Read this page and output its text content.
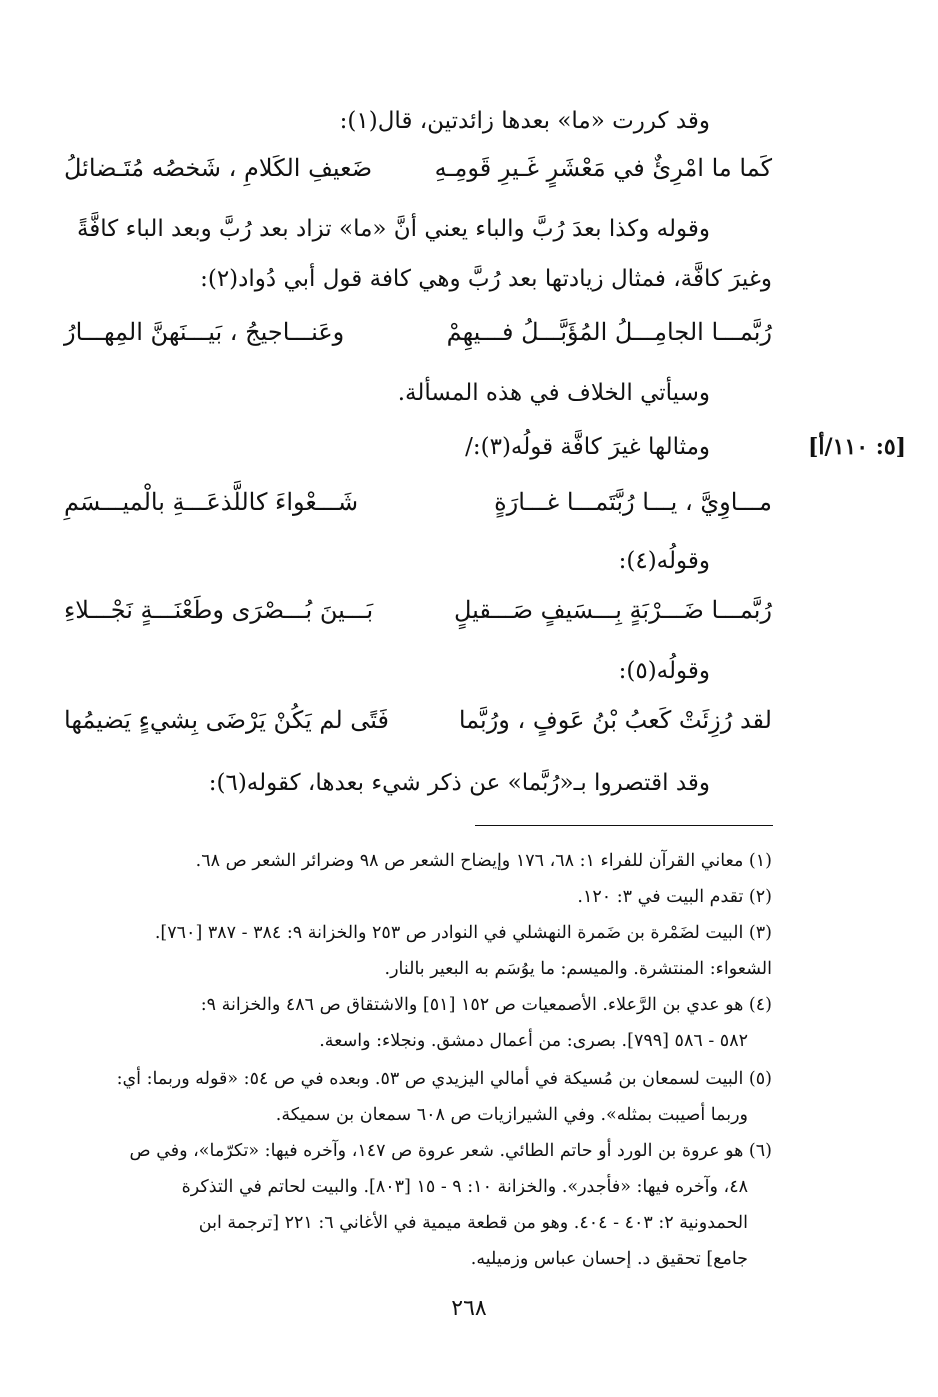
وقد كررت «ما» بعدها زائدتين، قال(١):

كَما ما امْرِئٌ في مَعْشَرٍ غَـيرِ قَومِـهِ
ضَعيفِ الكَلامِ ، شَخصُه مُتَـضائلُ

وقوله وكذا بعدَ رُبَّ والباء يعني أنَّ «ما» تزاد بعد رُبَّ وبعد الباء كافَّةً

وغيرَ كافَّة، فمثال زيادتها بعد رُبَّ وهي كافة قول أبي دُواد(٢):

رُبَّمـــا الجامِـــلُ المُؤَبَّـــلُ فـــيهِمْ
وعَنـــاجيجُ ، بَيـــنَهنَّ المِهـــارُ

وسيأتي الخلاف في هذه المسألة.

ومثالها غيرَ كافَّة قولُه(٣):/	[٥: ١١٠/أ]
مـــاوِيَّ ، يـــا رُبَّتَمـــا غـــارَةٍ
شَـــعْواءَ كاللَّذعَـــةِ بالْميـــسَمِ

وقولُه(٤):

رُبَّمـــا ضَـــرْبَةٍ بِـــسَيفٍ صَـــقيلٍ
بَـــينَ بُـــصْرَى وطَعْنَـــةٍ نَجْـــلاءِ

وقولُه(٥):

لقد رُزِئَتْ كَعبُ بْنُ عَوفٍ ، ورُبَّما
فَتًى لم يَكُنْ يَرْضَى بِشيءٍ يَضيمُها

وقد اقتصروا بـ«رُبَّما» عن ذكر شيء بعدها، كقوله(٦):

(١) معاني القرآن للفراء ١: ٦٨، ١٧٦ وإيضاح الشعر ص ٩٨ وضرائر الشعر ص ٦٨.
(٢) تقدم البيت في ٣: ١٢٠.
(٣) البيت لضَمْرة بن ضَمرة النهشلي في النوادر ص ٢٥٣ والخزانة ٩: ٣٨٤ - ٣٨٧ [٧٦٠].
الشعواء: المنتشرة. والميسم: ما يوُسَم به البعير بالنار.
(٤) هو عدي بن الرَّعلاء. الأصمعيات ص ١٥٢ [٥١] والاشتقاق ص ٤٨٦ والخزانة ٩:
٥٨٢ - ٥٨٦ [٧٩٩]. بصرى: من أعمال دمشق. ونجلاء: واسعة.
(٥) البيت لسمعان بن مُسيكة في أمالي اليزيدي ص ٥٣. وبعده في ص ٥٤: «قوله وربما: أي:
وربما أصيبت بمثله». وفي الشيرازيات ص ٦٠٨ سمعان بن سميكة.
(٦) هو عروة بن الورد أو حاتم الطائي. شعر عروة ص ١٤٧، وآخره فيها: «تكرّما»، وفي ص
٤٨، وآخره فيها: «فأجدر». والخزانة ١٠: ٩ - ١٥ [٨٠٣]. والبيت لحاتم في التذكرة
الحمدونية ٢: ٤٠٣ - ٤٠٤. وهو من قطعة ميمية في الأغاني ٦: ٢٢١ [ترجمة ابن
جامع] تحقيق د. إحسان عباس وزميليه.
٢٦٨
